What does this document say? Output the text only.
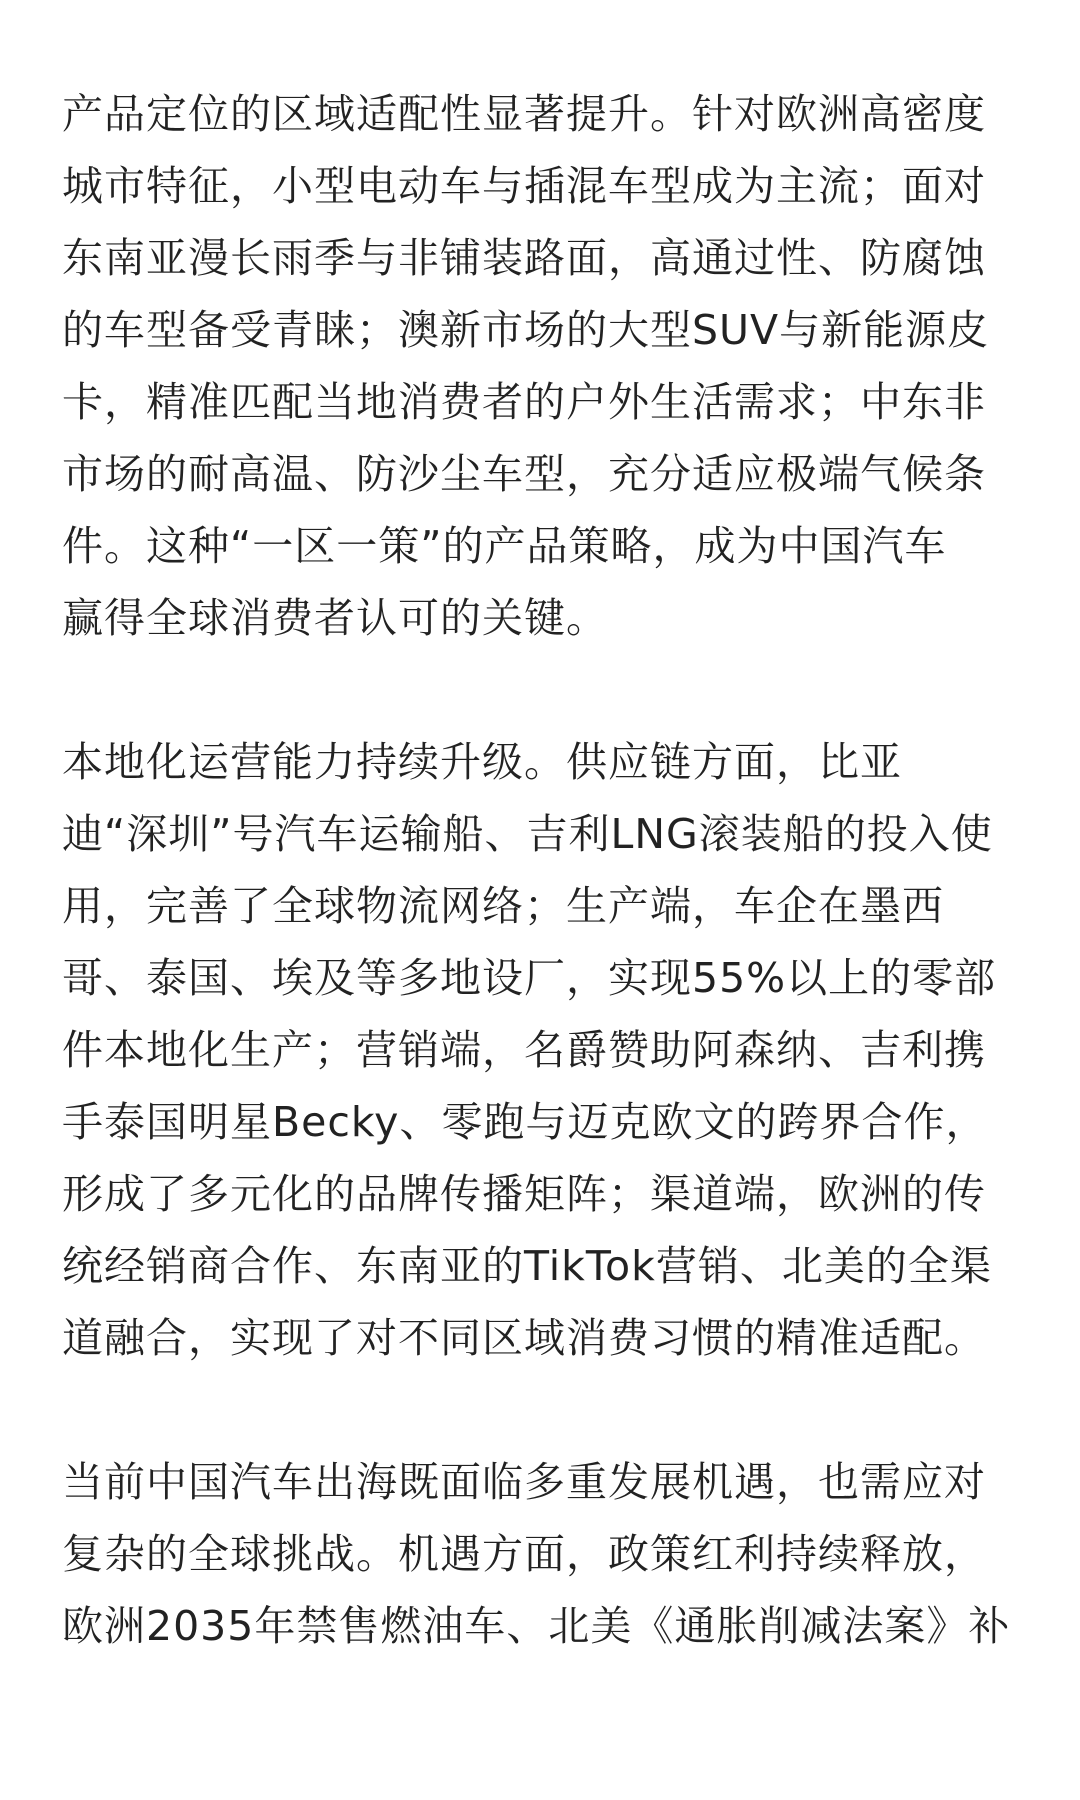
产品定位的区域适配性显著提升。针对欧洲高密度
城市特征，小型电动车与插混车型成为主流；面对
东南亚漫长雨季与非铺装路面，高通过性、防腐蚀
的车型备受青睐；澳新市场的大型SUV与新能源皮
卡，精准匹配当地消费者的户外生活需求；中东非
市场的耐高温、防沙尘车型，充分适应极端气候条
件。这种“一区一策”的产品策略，成为中国汽车
赢得全球消费者认可的关键。
本地化运营能力持续升级。供应链方面，比亚
迪“深圳”号汽车运输船、吉利LNG滚装船的投入使
用，完善了全球物流网络；生产端，车企在墨西
哥、泰国、埃及等多地设厂，实现55%以上的零部
件本地化生产；营销端，名爵赞助阿森纳、吉利携
手泰国明星Becky、零跑与迈克欧文的跨界合作，
形成了多元化的品牌传播矩阵；渠道端，欧洲的传
统经销商合作、东南亚的TikTok营销、北美的全渠
道融合，实现了对不同区域消费习惯的精准适配。
当前中国汽车出海既面临多重发展机遇，也需应对
复杂的全球挑战。机遇方面，政策红利持续释放，
欧洲2035年禁售燃油车、北美《通胀削减法案》补
